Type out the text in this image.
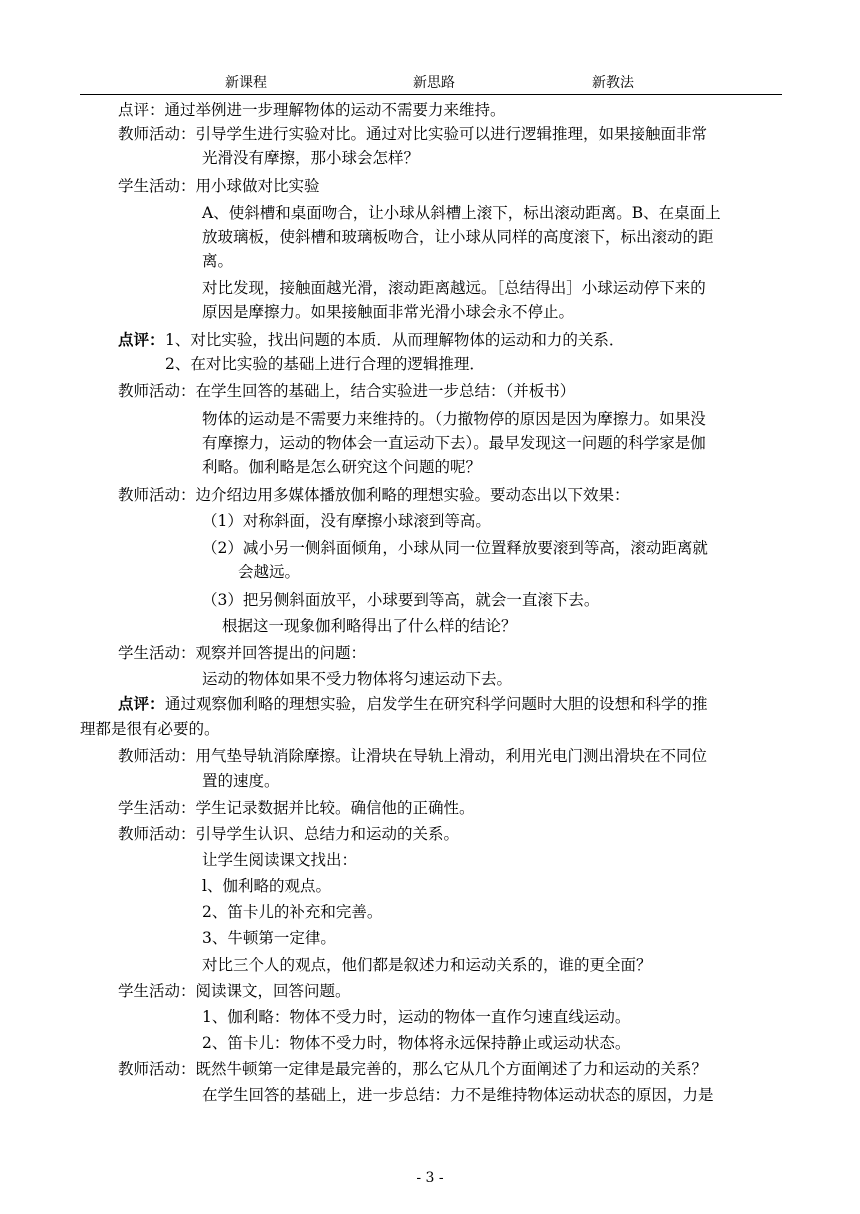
新课程	新思路	新教法
点评：通过举例进一步理解物体的运动不需要力来维持。
教师活动：引导学生进行实验对比。通过对比实验可以进行逻辑推理，如果接触面非常
光滑没有摩擦，那小球会怎样？
学生活动：用小球做对比实验
A、使斜槽和桌面吻合，让小球从斜槽上滚下，标出滚动距离。B、在桌面上
放玻璃板，使斜槽和玻璃板吻合，让小球从同样的高度滚下，标出滚动的距
离。
对比发现，接触面越光滑，滚动距离越远。［总结得出］小球运动停下来的
原因是摩擦力。如果接触面非常光滑小球会永不停止。
点评： 1、对比实验，找出问题的本质．从而理解物体的运动和力的关系．
2、在对比实验的基础上进行合理的逻辑推理．
教师活动：在学生回答的基础上，结合实验进一步总结：（并板书）
物体的运动是不需要力来维持的。（力撤物停的原因是因为摩擦力。如果没
有摩擦力，运动的物体会一直运动下去）。最早发现这一问题的科学家是伽
利略。伽利略是怎么研究这个问题的呢？
教师活动：边介绍边用多媒体播放伽利略的理想实验。要动态出以下效果：
（1）对称斜面，没有摩擦小球滚到等高。
（2）减小另一侧斜面倾角，小球从同一位置释放要滚到等高，滚动距离就
会越远。
（3）把另侧斜面放平，小球要到等高，就会一直滚下去。
根据这一现象伽利略得出了什么样的结论？
学生活动：观察并回答提出的问题：
运动的物体如果不受力物体将匀速运动下去。
点评： 通过观察伽利略的理想实验，启发学生在研究科学问题时大胆的设想和科学的推
理都是很有必要的。
教师活动：用气垫导轨消除摩擦。让滑块在导轨上滑动，利用光电门测出滑块在不同位
置的速度。
学生活动：学生记录数据并比较。确信他的正确性。
教师活动：引导学生认识、总结力和运动的关系。
让学生阅读课文找出：
l、伽利略的观点。
2、笛卡儿的补充和完善。
3、牛顿第一定律。
对比三个人的观点，他们都是叙述力和运动关系的，谁的更全面？
学生活动：阅读课文，回答问题。
1、伽利略：物体不受力时，运动的物体一直作匀速直线运动。
2、笛卡儿：物体不受力时，物体将永远保持静止或运动状态。
教师活动：既然牛顿第一定律是最完善的，那么它从几个方面阐述了力和运动的关系？
在学生回答的基础上，进一步总结：力不是维持物体运动状态的原因，力是
- 3 -
